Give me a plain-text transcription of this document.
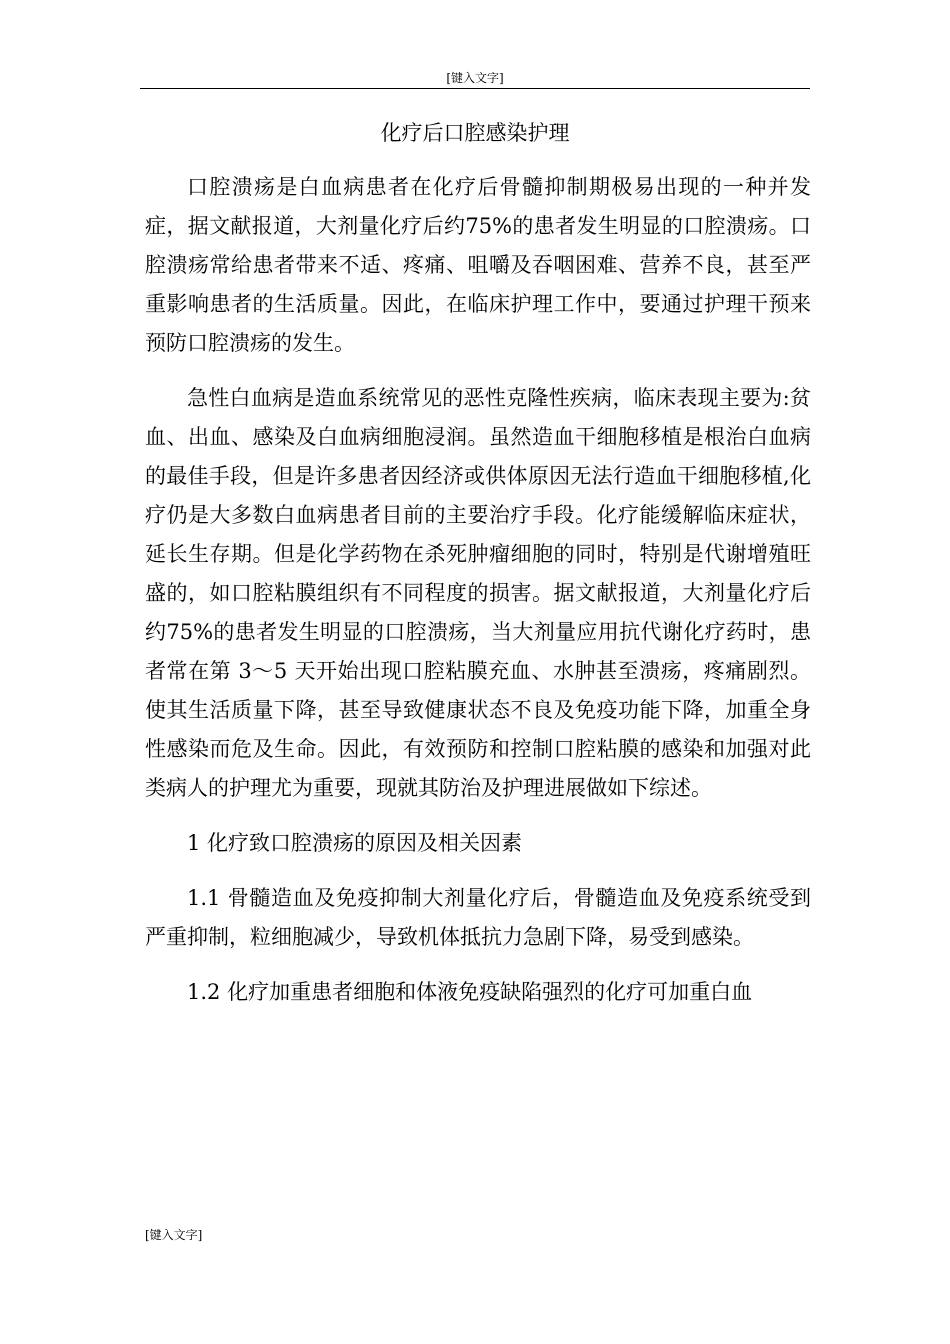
[键入文字]
化疗后口腔感染护理

口腔溃疡是白血病患者在化疗后骨髓抑制期极易出现的一种并发症，据文献报道，大剂量化疗后约75%的患者发生明显的口腔溃疡。口腔溃疡常给患者带来不适、疼痛、咀嚼及吞咽困难、营养不良，甚至严重影响患者的生活质量。因此，在临床护理工作中，要通过护理干预来预防口腔溃疡的发生。

急性白血病是造血系统常见的恶性克隆性疾病，临床表现主要为:贫血、出血、感染及白血病细胞浸润。虽然造血干细胞移植是根治白血病的最佳手段，但是许多患者因经济或供体原因无法行造血干细胞移植,化疗仍是大多数白血病患者目前的主要治疗手段。化疗能缓解临床症状，延长生存期。但是化学药物在杀死肿瘤细胞的同时，特别是代谢增殖旺盛的，如口腔粘膜组织有不同程度的损害。据文献报道，大剂量化疗后约75%的患者发生明显的口腔溃疡，当大剂量应用抗代谢化疗药时，患者常在第 3～5 天开始出现口腔粘膜充血、水肿甚至溃疡，疼痛剧烈。使其生活质量下降，甚至导致健康状态不良及免疫功能下降，加重全身性感染而危及生命。因此，有效预防和控制口腔粘膜的感染和加强对此类病人的护理尤为重要，现就其防治及护理进展做如下综述。

1 化疗致口腔溃疡的原因及相关因素

1.1 骨髓造血及免疫抑制大剂量化疗后，骨髓造血及免疫系统受到严重抑制，粒细胞减少，导致机体抵抗力急剧下降，易受到感染。

1.2 化疗加重患者细胞和体液免疫缺陷强烈的化疗可加重白血

[键入文字]
